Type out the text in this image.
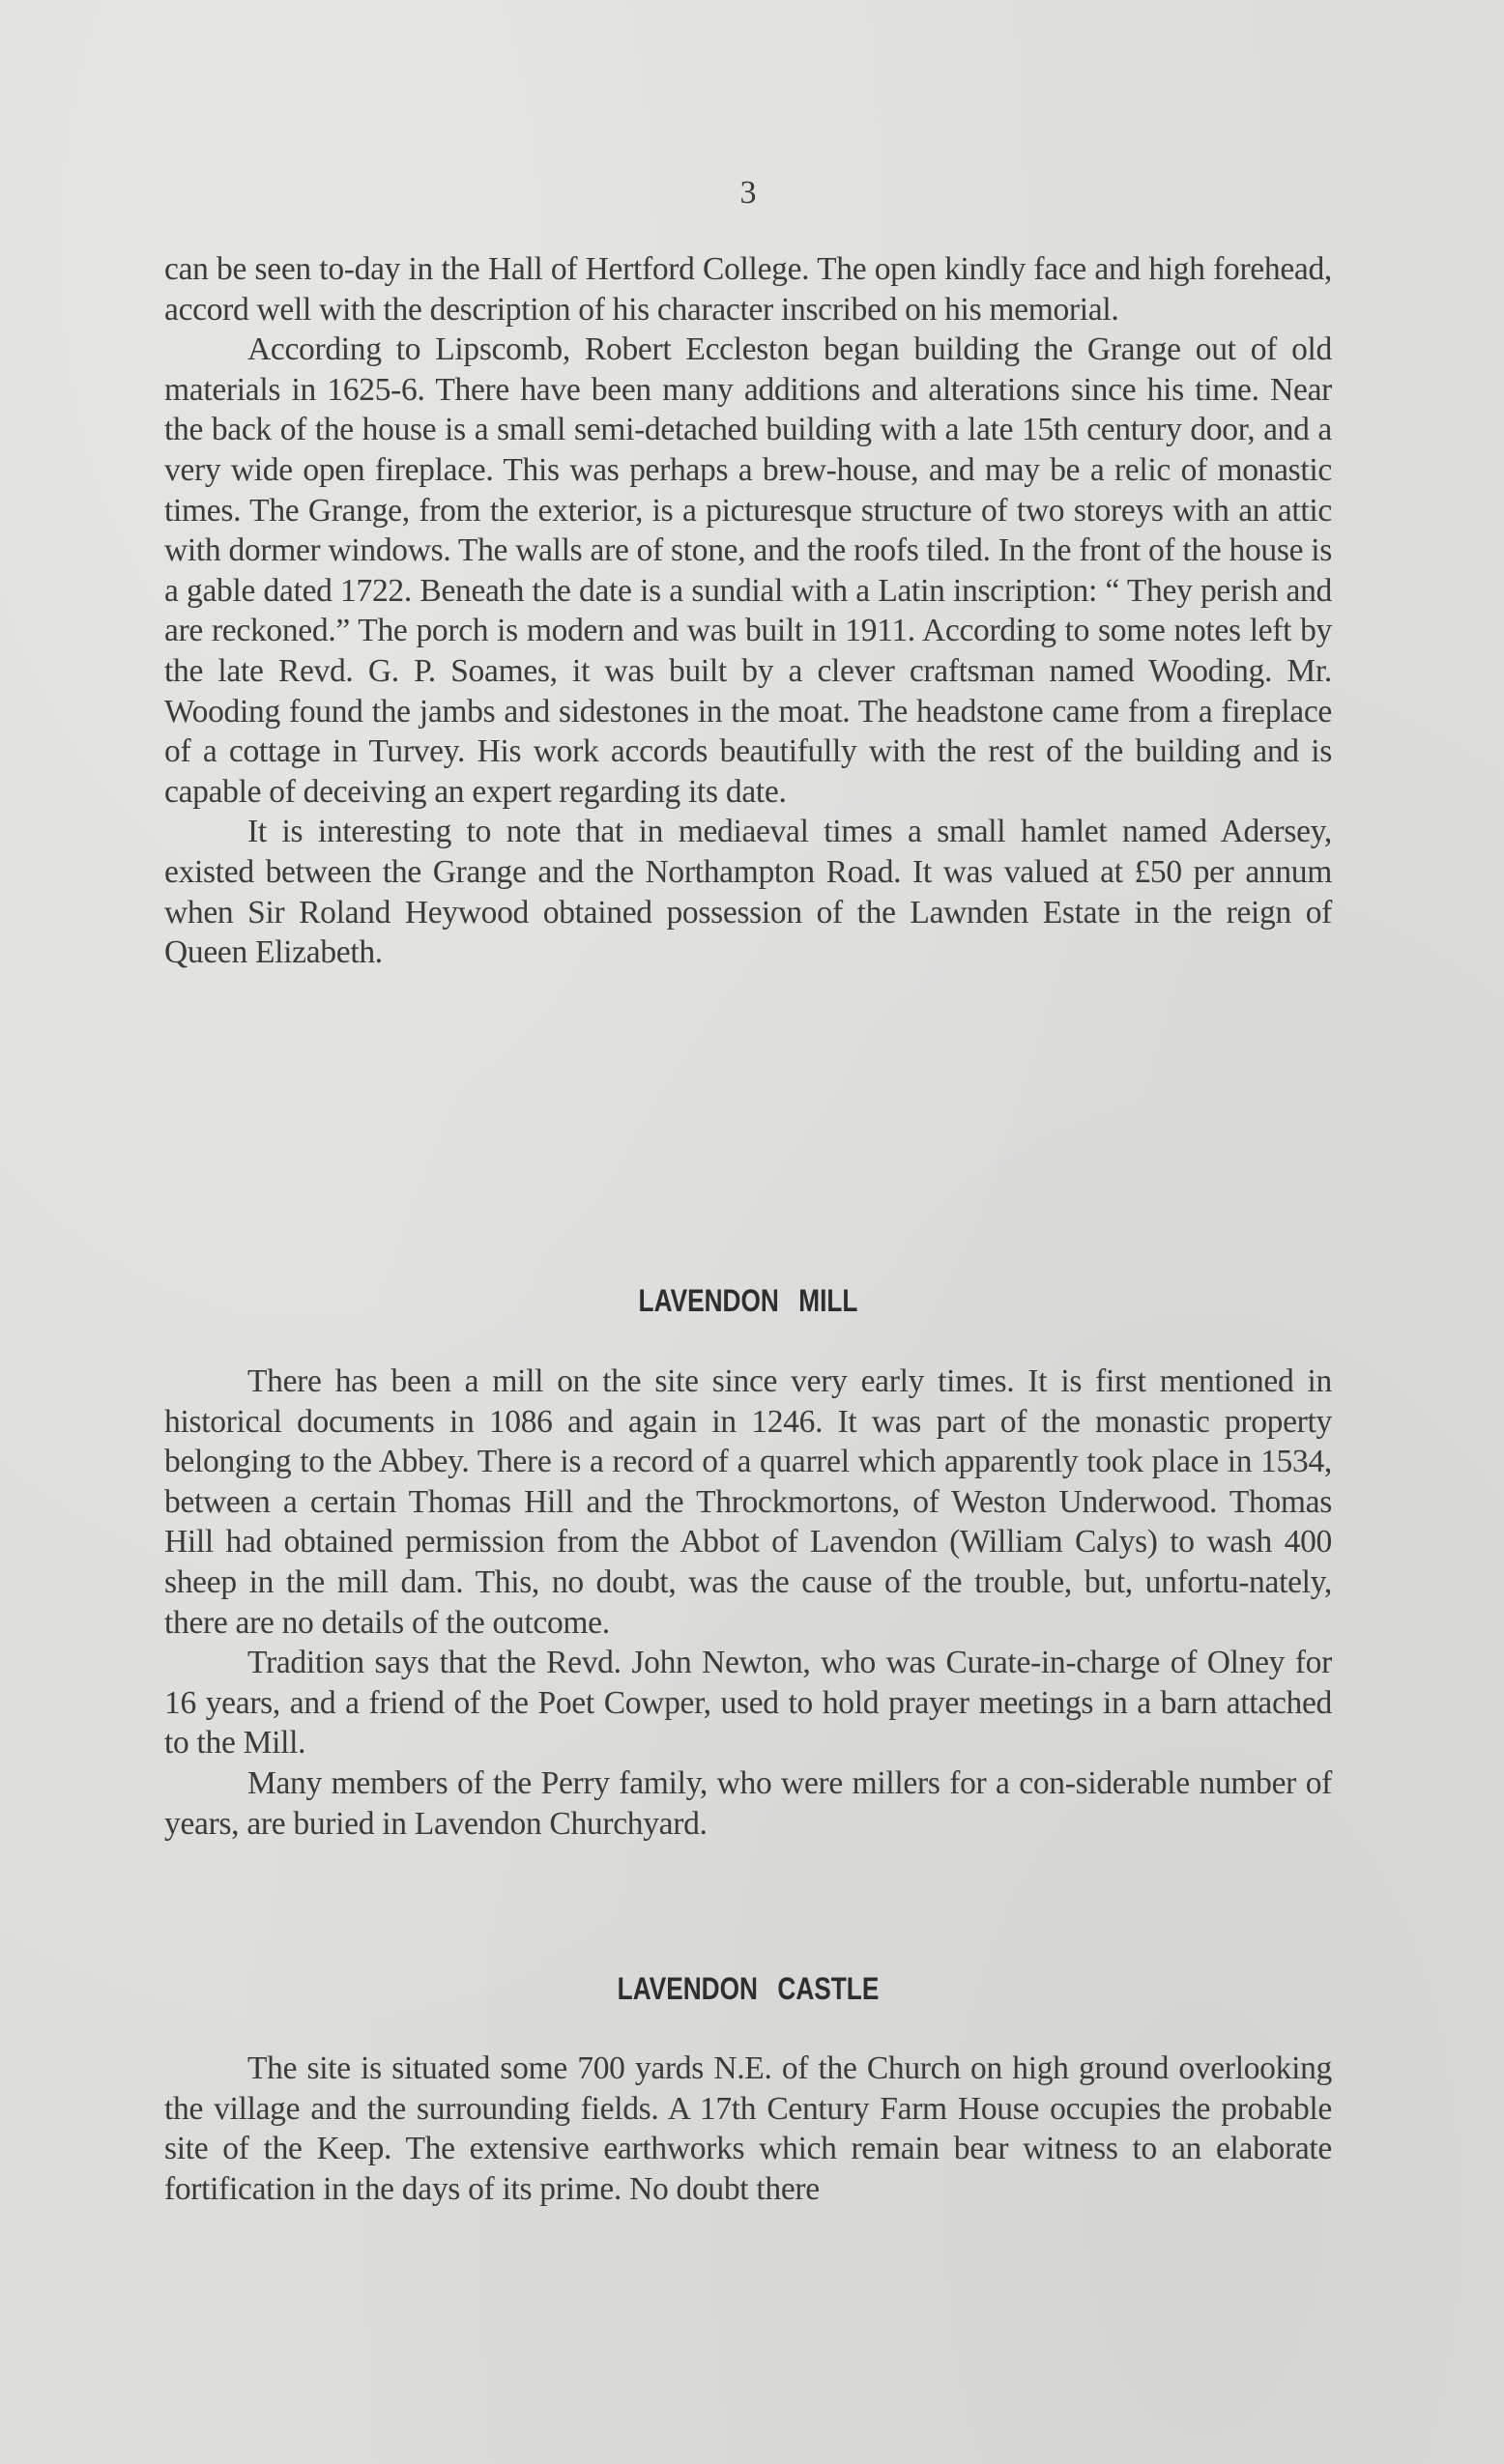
3

can be seen to-day in the Hall of Hertford College. The open kindly face and high forehead, accord well with the description of his character inscribed on his memorial.

According to Lipscomb, Robert Eccleston began building the Grange out of old materials in 1625-6. There have been many additions and alterations since his time. Near the back of the house is a small semi-detached building with a late 15th century door, and a very wide open fireplace. This was perhaps a brew-house, and may be a relic of monastic times. The Grange, from the exterior, is a picturesque structure of two storeys with an attic with dormer windows. The walls are of stone, and the roofs tiled. In the front of the house is a gable dated 1722. Beneath the date is a sundial with a Latin inscription: “ They perish and are reckoned.” The porch is modern and was built in 1911. According to some notes left by the late Revd. G. P. Soames, it was built by a clever craftsman named Wooding. Mr. Wooding found the jambs and sidestones in the moat. The headstone came from a fireplace of a cottage in Turvey. His work accords beautifully with the rest of the building and is capable of deceiving an expert regarding its date.

It is interesting to note that in mediaeval times a small hamlet named Adersey, existed between the Grange and the Northampton Road. It was valued at £50 per annum when Sir Roland Heywood obtained possession of the Lawnden Estate in the reign of Queen Elizabeth.

LAVENDON MILL

There has been a mill on the site since very early times. It is first mentioned in historical documents in 1086 and again in 1246. It was part of the monastic property belonging to the Abbey. There is a record of a quarrel which apparently took place in 1534, between a certain Thomas Hill and the Throckmortons, of Weston Underwood. Thomas Hill had obtained permission from the Abbot of Lavendon (William Calys) to wash 400 sheep in the mill dam. This, no doubt, was the cause of the trouble, but, unfortu-nately, there are no details of the outcome.

Tradition says that the Revd. John Newton, who was Curate-in-charge of Olney for 16 years, and a friend of the Poet Cowper, used to hold prayer meetings in a barn attached to the Mill.

Many members of the Perry family, who were millers for a con-siderable number of years, are buried in Lavendon Churchyard.

LAVENDON CASTLE

The site is situated some 700 yards N.E. of the Church on high ground overlooking the village and the surrounding fields. A 17th Century Farm House occupies the probable site of the Keep. The extensive earthworks which remain bear witness to an elaborate fortification in the days of its prime. No doubt there
